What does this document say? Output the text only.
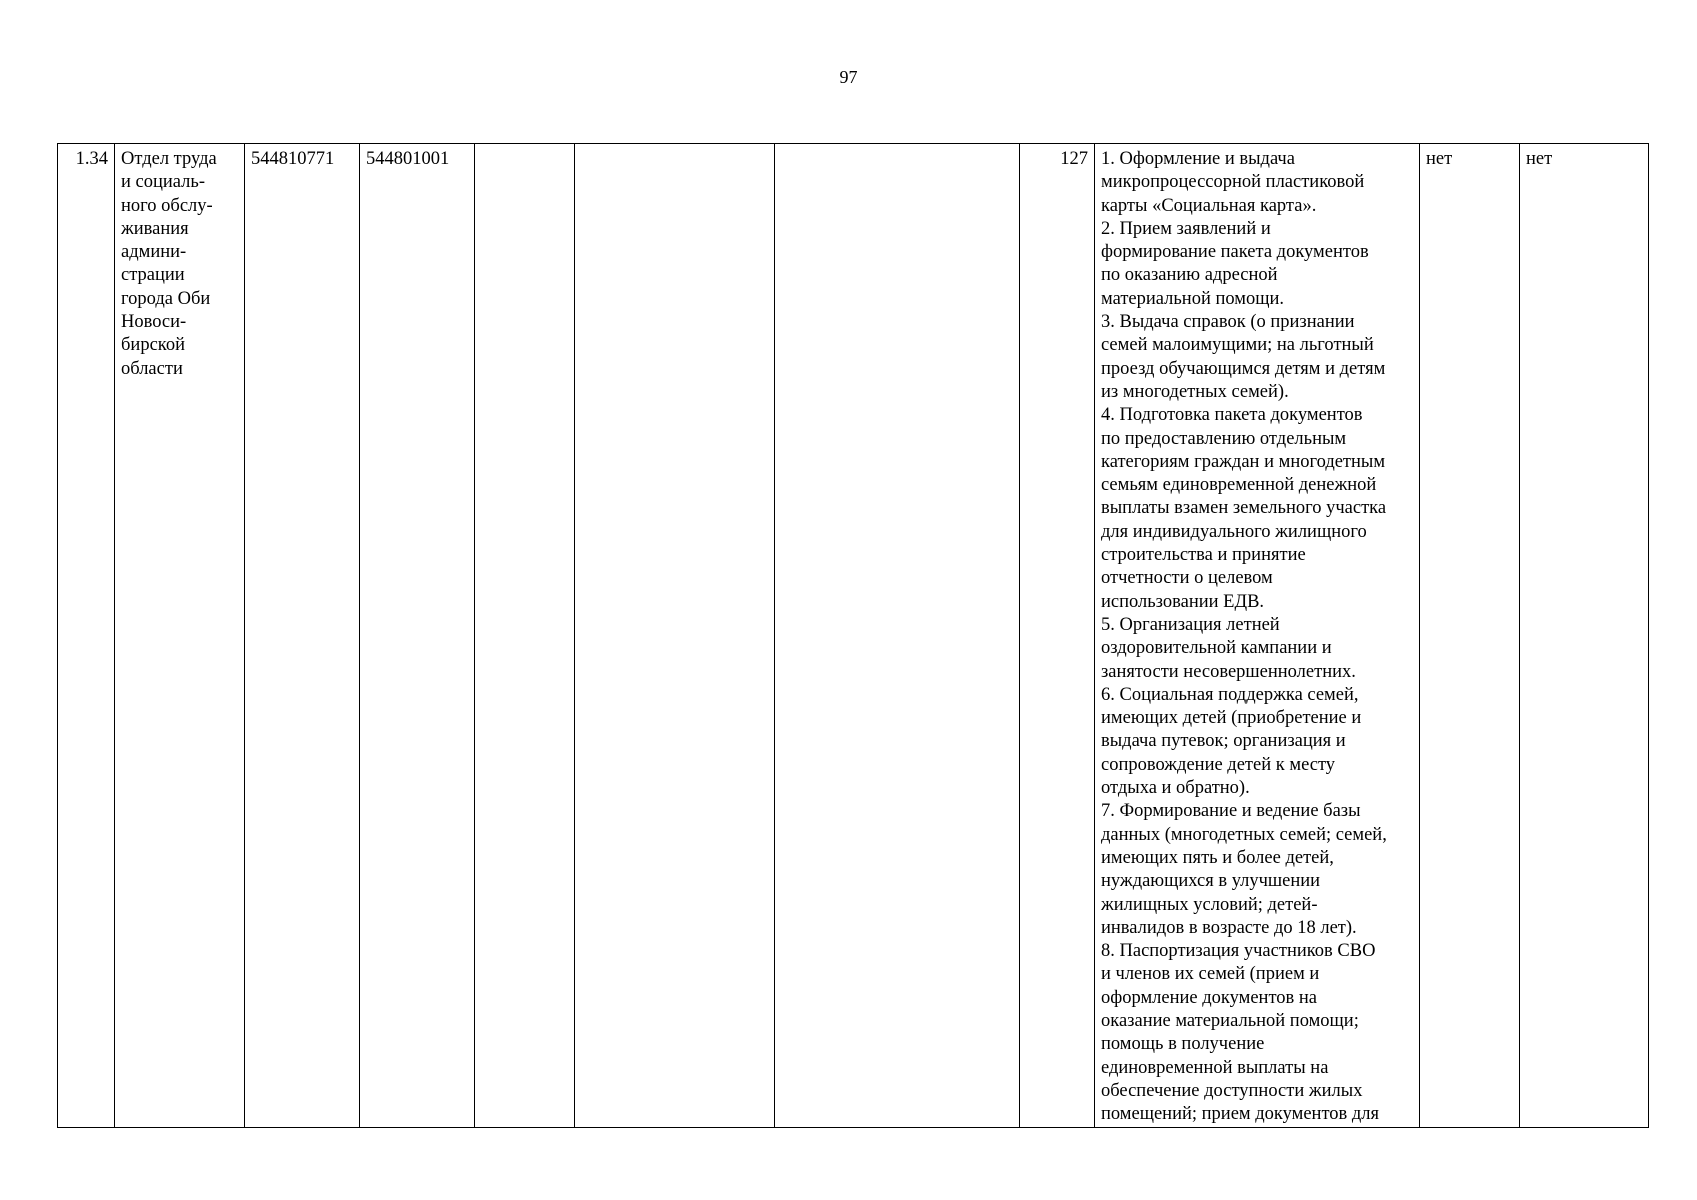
97
1.34	Отдел труда
и социаль-
ного обслу-
живания
админи-
страции
города Оби
Новоси-
бирской
области
	544810771	544801001				127	1. Оформление и выдача
микропроцессорной пластиковой
карты «Социальная карта».
2. Прием заявлений и
формирование пакета документов
по оказанию адресной
материальной помощи.
3. Выдача справок (о признании
семей малоимущими; на льготный
проезд обучающимся детям и детям
из многодетных семей).
4. Подготовка пакета документов
по предоставлению отдельным
категориям граждан и многодетным
семьям единовременной денежной
выплаты взамен земельного участка
для индивидуального жилищного
строительства и принятие
отчетности о целевом
использовании ЕДВ.
5. Организация летней
оздоровительной кампании и
занятости несовершеннолетних.
6. Социальная поддержка семей,
имеющих детей (приобретение и
выдача путевок; организация и
сопровождение детей к месту
отдыха и обратно).
7. Формирование и ведение базы
данных (многодетных семей; семей,
имеющих пять и более детей,
нуждающихся в улучшении
жилищных условий; детей-
инвалидов в возрасте до 18 лет).
8. Паспортизация участников СВО
и членов их семей (прием и
оформление документов на
оказание материальной помощи;
помощь в получение
единовременной выплаты на
обеспечение доступности жилых
помещений; прием документов для
	нет	нет
